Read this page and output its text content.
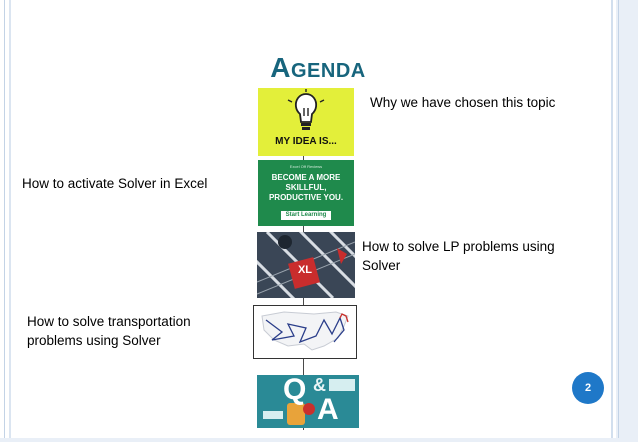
Agenda
MY IDEA IS...
Excel Off Reviews
BECOME A MORE SKILLFUL, PRODUCTIVE YOU.
Start Learning
XL
Q &
A
Why we have chosen this topic
How to activate Solver in Excel
How to solve LP problems using Solver
How to solve transportation problems using Solver
2
